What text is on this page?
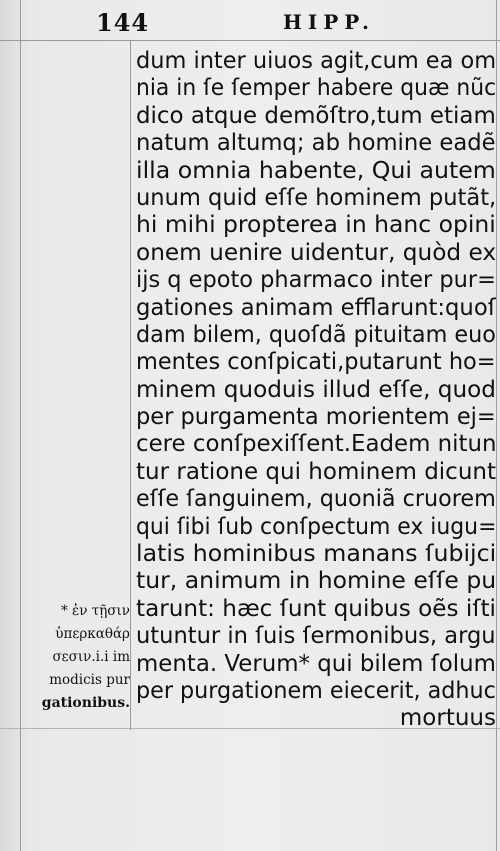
144	HIPP.
dum inter uiuos agit,cum ea om
nia in ſe ſemper habere quæ nũc
dico atque demõſtro,tum etiam
natum altumq; ab homine eadẽ
illa omnia habente, Qui autem
unum quid eſſe hominem putãt,
hi mihi propterea in hanc opini
onem uenire uidentur, quòd ex
ijs q epoto pharmaco inter pur=
gationes animam efflarunt:quoſ
dam bilem, quoſdã pituitam euo
mentes conſpicati,putarunt ho=
minem quoduis illud eſſe, quod
per purgamenta morientem ej=
cere conſpexiſſent.Eadem nitun
tur ratione qui hominem dicunt
eſſe ſanguinem, quoniã cruorem
qui ſibi ſub conſpectum ex iugu=
latis hominibus manans ſubijci
tur, animum in homine eſſe pu
tarunt: hæc ſunt quibus oẽs iſti
utuntur in ſuis ſermonibus, argu
menta. Verum* qui bilem ſolum
per purgationem eiecerit, adhuc
mortuus
* ἐν τῇσιν
ὑπερκαθάρ
σεσιν.i.i im
modicis pur
gationibus.
